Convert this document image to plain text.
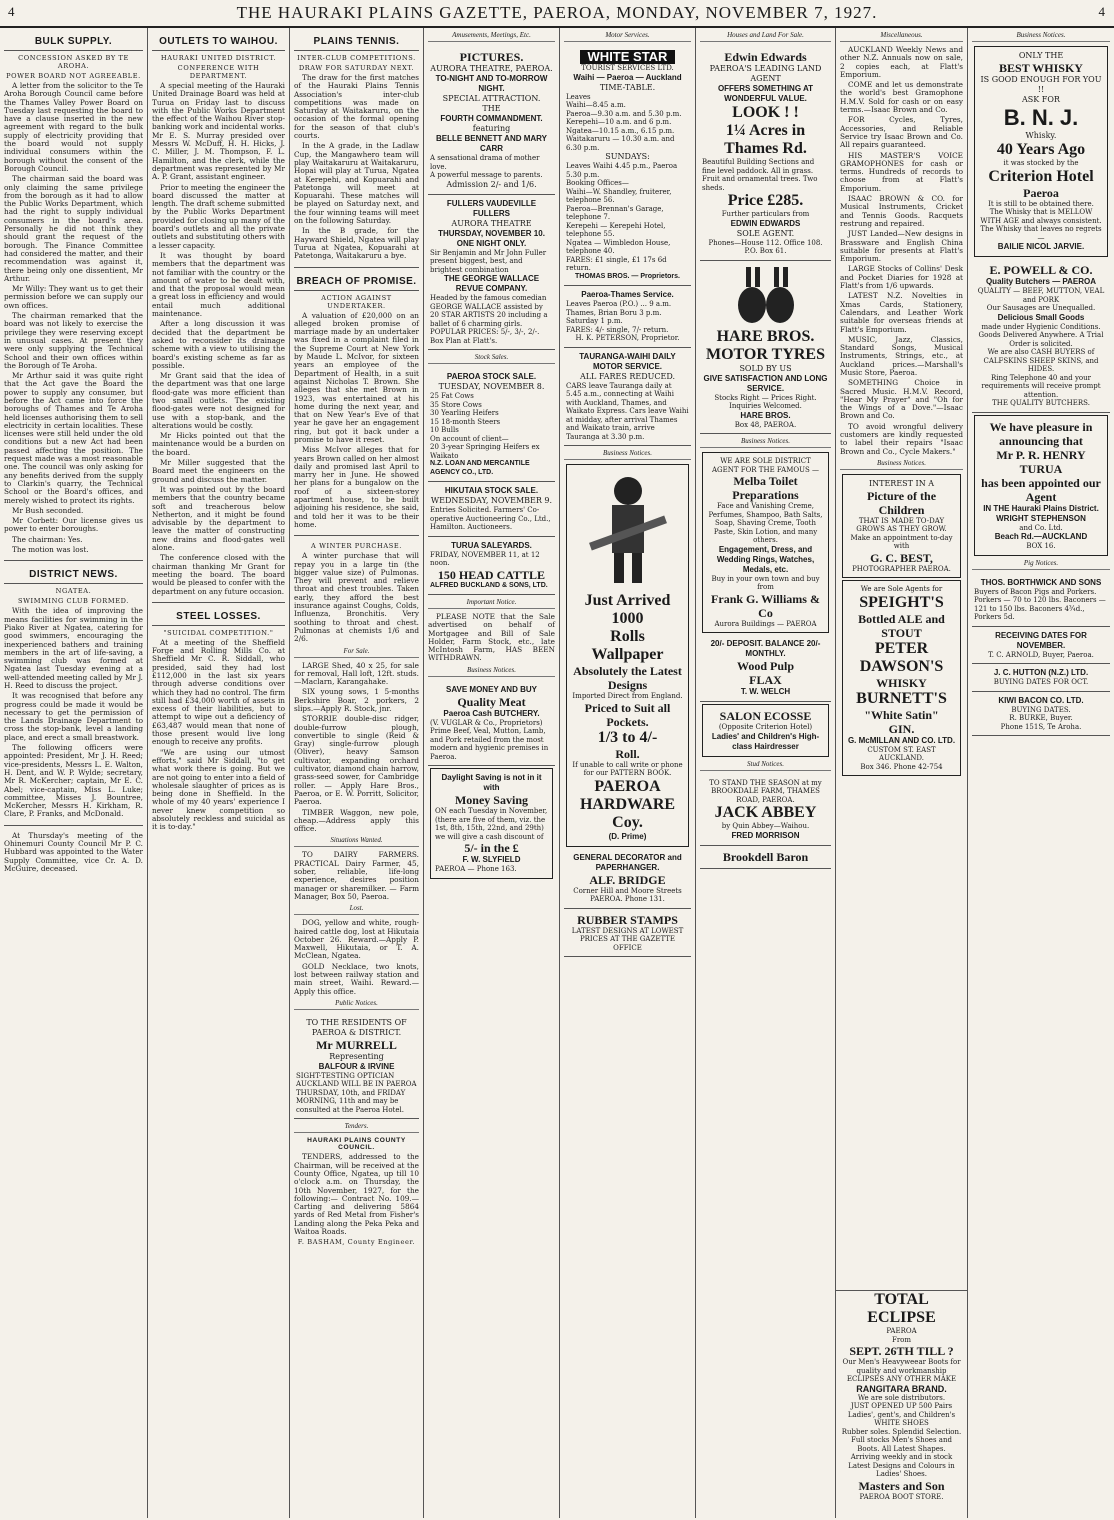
THE HAURAKI PLAINS GAZETTE, PAEROA, MONDAY, NOVEMBER 7, 1927.
4	4
BULK SUPPLY.
CONCESSION ASKED BY TE AROHA.
POWER BOARD NOT AGREEABLE.

A letter from the solicitor to the Te Aroha Borough Council came before the Thames Valley Power Board on Tuesday last requesting the board to have a clause inserted in the new agreement with regard to the bulk supply of electricity providing that the board would not supply individual consumers within the borough without the consent of the Borough Council.

The chairman said the board was only claiming the same privilege from the borough as it had to allow the Public Works Department, which had the right to supply individual consumers in the board's area. Personally he did not think they should grant the request of the borough. The Finance Committee had considered the matter, and their recommendation was against it, there being only one dissentient, Mr Arthur.

Mr Willy: They want us to get their permission before we can supply our own offices.

The chairman remarked that the board was not likely to exercise the privilege they were reserving except in unusual cases. At present they were only supplying the Technical School and their own offices within the Borough of Te Aroha.

Mr Arthur said it was quite right that the Act gave the Board the power to supply any consumer, but before the Act came into force the boroughs of Thames and Te Aroha held licenses authorising them to sell electricity in certain localities. These licenses were still held under the old conditions but a new Act had been passed affecting the position. The request made was a most reasonable one. The council was only asking for any benefits derived from the supply to Clarkin's quarry, the Technical School or the Board's offices, and merely wished to protect its rights.

Mr Bush seconded.

Mr Corbett: Our license gives us power to enter boroughs.

The chairman: Yes.

The motion was lost.

DISTRICT NEWS.
NGATEA.
SWIMMING CLUB FORMED.

With the idea of improving the means facilities for swimming in the Piako River at Ngatea, catering for good swimmers, encouraging the inexperienced bathers and training members in the art of life-saving, a swimming club was formed at Ngatea last Tuesday evening at a well-attended meeting called by Mr J. H. Reed to discuss the project.

It was recognised that before any progress could be made it would be necessary to get the permission of the Lands Drainage Department to cross the stop-bank, level a landing place, and erect a small breastwork.

The following officers were appointed: President, Mr J. H. Reed; vice-presidents, Messrs L. E. Walton, H. Dent, and W. P. Wylde; secretary, Mr R. McKercher; captain, Mr E. C. Abel; vice-captain, Miss L. Luke; committee, Misses J. Bountree, McKercher, Messrs H. Kirkham, R. Clare, P. Franks, and McDonald.

At Thursday's meeting of the Ohinemuri County Council Mr P. C. Hubbard was appointed to the Water Supply Committee, vice Cr. A. D. McGuire, deceased.

OUTLETS TO WAIHOU.
HAURAKI UNITED DISTRICT.
CONFERENCE WITH DEPARTMENT.

A special meeting of the Hauraki United Drainage Board was held at Turua on Friday last to discuss with the Public Works Department the effect of the Waihou River stop-banking work and incidental works. Mr E. S. Murray presided over Messrs W. McDuff, H. H. Hicks, J. C. Miller, J. M. Thompson, F. L. Hamilton, and the clerk, while the department was represented by Mr A. P. Grant, assistant engineer.

Prior to meeting the engineer the board discussed the matter at length. The draft scheme submitted by the Public Works Department provided for closing up many of the board's outlets and all the private outlets and substituting others with a lesser capacity.

It was thought by board members that the department was not familiar with the country or the amount of water to be dealt with, and that the proposal would mean a great loss in efficiency and would entail much additional maintenance.

After a long discussion it was decided that the department be asked to reconsider its drainage scheme with a view to utilising the board's existing scheme as far as possible.

Mr Grant said that the idea of the department was that one large flood-gate was more efficient than two small outlets. The existing flood-gates were not designed for use with a stop-bank, and the alterations would be costly.

Mr Hicks pointed out that the maintenance would be a burden on the board.

Mr Miller suggested that the Board meet the engineers on the ground and discuss the matter.

It was pointed out by the board members that the country became soft and treacherous below Netherton, and it might be found advisable by the department to leave the matter of constructing new drains and flood-gates well alone.

The conference closed with the chairman thanking Mr Grant for meeting the board. The board would be pleased to confer with the department on any future occasion.

STEEL LOSSES.
"SUICIDAL COMPETITION."

At a meeting of the Sheffield Forge and Rolling Mills Co. at Sheffield Mr C. R. Siddall, who presided, said they had lost £112,000 in the last six years through adverse conditions over which they had no control. The firm still had £34,000 worth of assets in excess of their liabilities, but to attempt to wipe out a deficiency of £63,487 would mean that none of those present would live long enough to receive any profits.

"We are using our utmost efforts," said Mr Siddall, "to get what work there is going. But we are not going to enter into a field of wholesale slaughter of prices as is being done in Sheffield. In the whole of my 40 years' experience I never knew competition so absolutely reckless and suicidal as it is to-day."

PLAINS TENNIS.
INTER-CLUB COMPETITIONS.
DRAW FOR SATURDAY NEXT.

The draw for the first matches of the Hauraki Plains Tennis Association's inter-club competitions was made on Saturday at Waitakaruru, on the occasion of the formal opening for the season of that club's courts.

In the A grade, in the Ladlaw Cup, the Mangawhero team will play Waitakaruru at Waitakaruru, Hopai will play at Turua, Ngatea at Kerepehi, and Kopuarahi and Patetonga will meet at Kopuarahi. These matches will be played on Saturday next, and the four winning teams will meet on the following Saturday.

In the B grade, for the Hayward Shield, Ngatea will play Turua at Ngatea, Kopuarahi at Patetonga, Waitakaruru a bye.

BREACH OF PROMISE.
ACTION AGAINST UNDERTAKER.

A valuation of £20,000 on an alleged broken promise of marriage made by an undertaker was fixed in a complaint filed in the Supreme Court at New York by Maude L. McIvor, for sixteen years an employee of the Department of Health, in a suit against Nicholas T. Brown. She alleges that she met Brown in 1923, was entertained at his home during the next year, and that on New Year's Eve of that year he gave her an engagement ring, but got it back under a promise to have it reset.

Miss McIvor alleges that for years Brown called on her almost daily and promised last April to marry her in June. He showed her plans for a bungalow on the roof of a sixteen-storey apartment house, to be built adjoining his residence, she said, and told her it was to be their home.

A WINTER PURCHASE.

A winter purchase that will repay you in a large tin (the bigger value size) of Pulmonas. They will prevent and relieve throat and chest troubles. Taken early, they afford the best insurance against Coughs, Colds, Influenza, Bronchitis. Very soothing to throat and chest. Pulmonas at chemists 1/6 and 2/6.

For Sale.

LARGE Shed, 40 x 25, for sale for removal, Hall loft, 12ft. studs.—Maclarn, Karangahake.

SIX young sows, 1 5-months Berkshire Boar, 2 porkers, 2 slips.—Apply R. Stock, jnr.

STORRIE double-disc ridger, double-furrow plough, convertible to single (Reid & Gray) single-furrow plough (Oliver), heavy Samson cultivator, expanding orchard cultivator, diamond chain harrow, grass-seed sower, for Cambridge roller. — Apply Hare Bros., Paeroa, or E. W. Porritt, Solicitor, Paeroa.

TIMBER Waggon, new pole, cheap.—Address apply this office.

Situations Wanted.

TO DAIRY FARMERS. PRACTICAL Dairy Farmer, 45, sober, reliable, life-long experience, desires position manager or sharemilker. — Farm Manager, Box 50, Paeroa.

Lost.

DOG, yellow and white, rough-haired cattle dog, lost at Hikutaia October 26. Reward.—Apply P. Maxwell, Hikutaia, or T. A. McClean, Ngatea.

GOLD Necklace, two knots, lost between railway station and main street, Waihi. Reward.—Apply this office.

Public Notices.
TO THE RESIDENTS OF PAEROA & DISTRICT.
Mr MURRELL
Representing
BALFOUR & IRVINE
SIGHT-TESTING OPTICIAN AUCKLAND WILL BE IN PAEROA THURSDAY, 10th, and FRIDAY MORNING, 11th and may be consulted at the Paeroa Hotel.
Tenders.
HAURAKI PLAINS COUNTY COUNCIL.

TENDERS, addressed to the Chairman, will be received at the County Office, Ngatea, up till 10 o'clock a.m. on Thursday, the 10th November, 1927, for the following:— Contract No. 109.—Carting and delivering 5864 yards of Red Metal from Fisher's Landing along the Peka Peka and Waitoa Roads.

F. BASHAM, County Engineer.
Amusements, Meetings, Etc.
PICTURES.
AURORA THEATRE, PAEROA.
TO-NIGHT AND TO-MORROW NIGHT.
SPECIAL ATTRACTION.
THE
FOURTH COMMANDMENT.
featuring
BELLE BENNETT AND MARY CARR
A sensational drama of mother love.
A powerful message to parents.
Admission 2/- and 1/6.
FULLERS VAUDEVILLE FULLERS
AURORA THEATRE
THURSDAY, NOVEMBER 10. ONE NIGHT ONLY.
Sir Benjamin and Mr John Fuller present biggest, best, and brightest combination
THE GEORGE WALLACE REVUE COMPANY.
Headed by the famous comedian GEORGE WALLACE assisted by 20 STAR ARTISTS 20 including a ballet of 6 charming girls.
POPULAR PRICES: 5/-, 3/-, 2/-. Box Plan at Flatt's.
Stock Sales.
PAEROA STOCK SALE.
TUESDAY, NOVEMBER 8.
25 Fat Cows
35 Store Cows
30 Yearling Heifers
15 18-month Steers
10 Bulls
On account of client—
20 3-year Springing Heifers ex Waikato
N.Z. LOAN AND MERCANTILE AGENCY CO., LTD.
HIKUTAIA STOCK SALE.
WEDNESDAY, NOVEMBER 9.
Entries Solicited. Farmers' Co-operative Auctioneering Co., Ltd., Hamilton. Auctioneers.
TURUA SALEYARDS.
FRIDAY, NOVEMBER 11, at 12 noon.
150 HEAD CATTLE
ALFRED BUCKLAND & SONS, LTD.
Important Notice.

PLEASE NOTE that the Sale advertised on behalf of Mortgagee and Bill of Sale Holder, Farm Stock, etc., late McIntosh Farm, HAS BEEN WITHDRAWN.

Business Notices.
SAVE MONEY AND BUY
Quality Meat
Paeroa Cash BUTCHERY.
(V. VUGLAR & Co., Proprietors)
Prime Beef, Veal, Mutton, Lamb, and Pork retailed from the most modern and hygienic premises in Paeroa.
Daylight Saving is not in it with
Money Saving
ON each Tuesday in November, (there are five of them, viz. the 1st, 8th, 15th, 22nd, and 29th) we will give a cash discount of
5/- in the £
F. W. SLYFIELD
PAEROA — Phone 163.
Motor Services.
WHITE STAR
TOURIST SERVICES LTD.
Waihi — Paeroa — Auckland
TIME-TABLE.
Leaves
Waihi—8.45 a.m.
Paeroa—9.30 a.m. and 5.30 p.m.
Kerepehi—10 a.m. and 6 p.m.
Ngatea—10.15 a.m., 6.15 p.m.
Waitakaruru — 10.30 a.m. and 6.30 p.m.
SUNDAYS:
Leaves Waihi 4.45 p.m., Paeroa 5.30 p.m.
Booking Offices—
Waihi—W. Shandley, fruiterer, telephone 56.
Paeroa—Brennan's Garage, telephone 7.
Kerepehi — Kerepehi Hotel, telephone 55.
Ngatea — Wimbledon House, telephone 40.
FARES: £1 single, £1 17s 6d return.
THOMAS BROS. — Proprietors.
Paeroa-Thames Service.
Leaves Paeroa (P.O.) ... 9 a.m. Thames, Brian Boru 3 p.m. Saturday 1 p.m.
FARES: 4/- single, 7/- return.
H. K. PETERSON, Proprietor.
TAURANGA-WAIHI DAILY MOTOR SERVICE.
ALL FARES REDUCED.
CARS leave Tauranga daily at 5.45 a.m., connecting at Waihi with Auckland, Thames, and Waikato Express. Cars leave Waihi at midday, after arrival Thames and Waikato train, arrive Tauranga at 3.30 p.m.
Business Notices.
Just Arrived
1000
Rolls
Wallpaper
Absolutely the Latest Designs
Imported Direct from England.
Priced to Suit all Pockets.
1/3 to 4/-
Roll.
If unable to call write or phone for our PATTERN BOOK.
PAEROA HARDWARE Coy.
(D. Prime)
GENERAL DECORATOR and PAPERHANGER.
ALF. BRIDGE
Corner Hill and Moore Streets PAEROA. Phone 131.
RUBBER STAMPS
LATEST DESIGNS AT LOWEST PRICES AT THE GAZETTE OFFICE
Houses and Land For Sale.
Edwin Edwards
PAEROA'S LEADING LAND AGENT
OFFERS SOMETHING AT WONDERFUL VALUE.
LOOK ! !
1¼ Acres in Thames Rd.
Beautiful Building Sections and fine level paddock. All in grass. Fruit and ornamental trees. Two sheds.
Price £285.
Further particulars from
EDWIN EDWARDS
SOLE AGENT.
Phones—House 112. Office 108. P.O. Box 61.
HARE BROS.
MOTOR TYRES
SOLD BY US
GIVE SATISFACTION AND LONG SERVICE.
Stocks Right — Prices Right. Inquiries Welcomed.
HARE BROS.
Box 48, PAEROA.
Business Notices.
WE ARE SOLE DISTRICT AGENT FOR THE FAMOUS —
Melba Toilet Preparations
Face and Vanishing Creme, Perfumes, Shampoo, Bath Salts, Soap, Shaving Creme, Tooth Paste, Skin Lotion, and many others.
Engagement, Dress, and Wedding Rings, Watches, Medals, etc.
Buy in your own town and buy from
Frank G. Williams & Co
Aurora Buildings — PAEROA
20/- DEPOSIT. BALANCE 20/- MONTHLY.
Wood Pulp
FLAX
T. W. WELCH
SALON ECOSSE
(Opposite Criterion Hotel)
Ladies' and Children's High-class Hairdresser
Stud Notices.
TO STAND THE SEASON at my BROOKDALE FARM, THAMES ROAD, PAEROA.
JACK ABBEY
by Quin Abbey—Waihou.
FRED MORRISON
Brookdell Baron
Miscellaneous.

AUCKLAND Weekly News and other N.Z. Annuals now on sale, 2 copies each, at Flatt's Emporium.

COME and let us demonstrate the world's best Gramophone H.M.V. Sold for cash or on easy terms.—Isaac Brown and Co.

FOR Cycles, Tyres, Accessories, and Reliable Service try Isaac Brown and Co. All repairs guaranteed.

HIS MASTER'S VOICE GRAMOPHONES for cash or terms. Hundreds of records to choose from at Flatt's Emporium.

ISAAC BROWN & CO. for Musical Instruments, Cricket and Tennis Goods. Racquets restrung and repaired.

JUST Landed—New designs in Brassware and English China suitable for presents at Flatt's Emporium.

LARGE Stocks of Collins' Desk and Pocket Diaries for 1928 at Flatt's from 1/6 upwards.

LATEST N.Z. Novelties in Xmas Cards, Stationery, Calendars, and Leather Work suitable for overseas friends at Flatt's Emporium.

MUSIC, Jazz, Classics, Standard Songs, Musical Instruments, Strings, etc., at Auckland prices.—Marshall's Music Store, Paeroa.

SOMETHING Choice in Sacred Music. H.M.V. Record, "Hear My Prayer" and "Oh for the Wings of a Dove."—Isaac Brown and Co.

TO avoid wrongful delivery customers are kindly requested to label their repairs "Isaac Brown and Co., Cycle Makers."

Business Notices.
INTEREST IN A
Picture of the Children
THAT IS MADE TO-DAY GROWS AS THEY GROW.
Make an appointment to-day with
G. C. BEST,
PHOTOGRAPHER PAEROA.
We are Sole Agents for
SPEIGHT'S
Bottled ALE and STOUT
PETER DAWSON'S
WHISKY
BURNETT'S
"White Satin"
GIN.
G. McMILLAN AND CO. LTD.
CUSTOM ST. EAST AUCKLAND.
Box 346. Phone 42-754
TOTAL ECLIPSE
PAEROA
From
SEPT. 26TH TILL ?
Our Men's Heavyweear Boots for quality and workmanship ECLIPSES ANY OTHER MAKE
RANGITARA BRAND.
We are sole distributors.
JUST OPENED UP 500 Pairs Ladies', gent's, and Children's WHITE SHOES
Rubber soles. Splendid Selection.
Full stocks Men's Shoes and Boots. All Latest Shapes.
Arriving weekly and in stock Latest Designs and Colours in Ladies' Shoes.
Masters and Son
PAEROA BOOT STORE.
Business Notices.
ONLY THE
BEST WHISKY
IS GOOD ENOUGH FOR YOU !!
ASK FOR
B. N. J.
Whisky.
40 Years Ago
it was stocked by the
Criterion Hotel
Paeroa
It is still to be obtained there.
The Whisky that is MELLOW WITH AGE and always consistent.
The Whisky that leaves no regrets—
BAILIE NICOL JARVIE.
E. POWELL & CO.
Quality Butchers — PAEROA
QUALITY — BEEF, MUTTON, VEAL and PORK
Our Sausages are Unequalled.
Delicious Small Goods
made under Hygienic Conditions.
Goods Delivered Anywhere. A Trial Order is solicited.
We are also CASH BUYERS of CALFSKINS SHEEP SKINS, and HIDES.
Ring Telephone 40 and your requirements will receive prompt attention.
THE QUALITY BUTCHERS.
We have pleasure in announcing that
Mr P. R. HENRY TURUA
has been appointed our Agent
IN THE Hauraki Plains District.
WRIGHT STEPHENSON
and Co. Ltd.
Beach Rd.—AUCKLAND
BOX 16.
Pig Notices.
THOS. BORTHWICK AND SONS
Buyers of Bacon Pigs and Porkers. Porkers — 70 to 120 lbs. Baconers — 121 to 150 lbs. Baconers 4¾d., Porkers 5d.
RECEIVING DATES FOR NOVEMBER.
T. C. ARNOLD, Buyer, Paeroa.
J. C. HUTTON (N.Z.) LTD.
BUYING DATES FOR OCT.
KIWI BACON CO. LTD.
BUYING DATES.
R. BURKE, Buyer.
Phone 151S, Te Aroha.
